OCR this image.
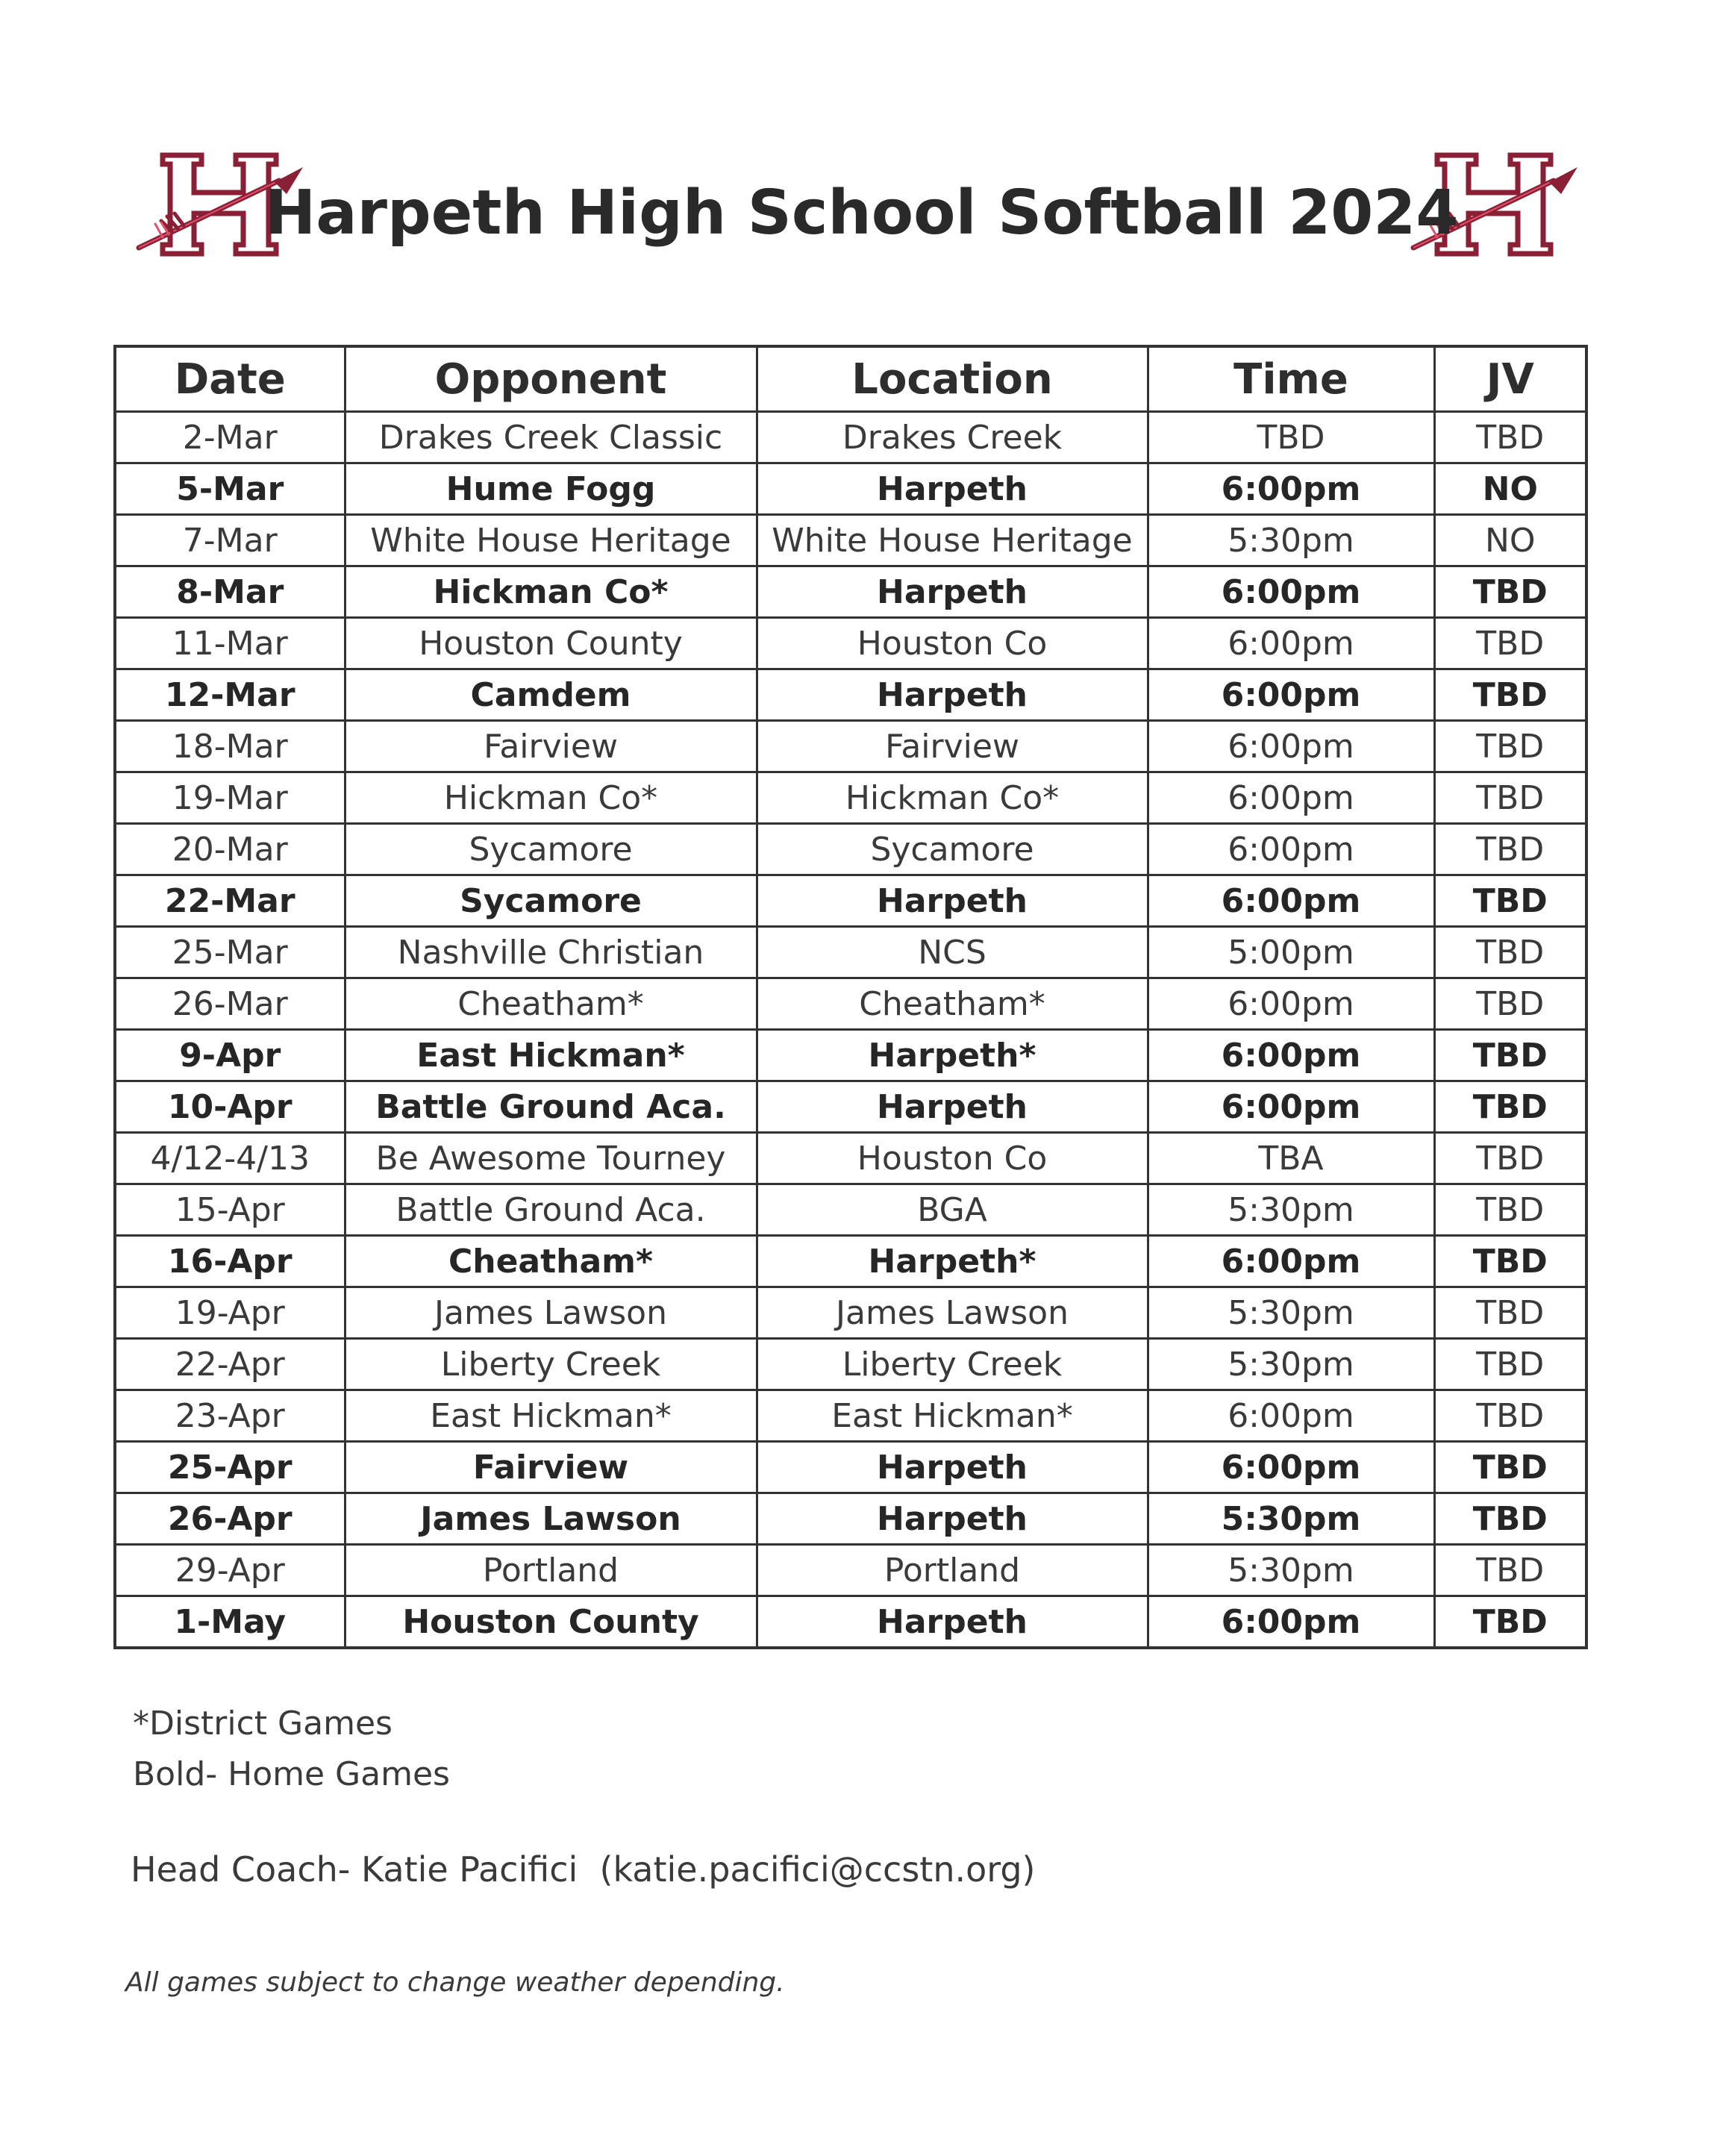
Harpeth High School Softball 2024
Date	Opponent	Location	Time	JV
2-Mar	Drakes Creek Classic	Drakes Creek	TBD	TBD
5-Mar	Hume Fogg	Harpeth	6:00pm	NO
7-Mar	White House Heritage	White House Heritage	5:30pm	NO
8-Mar	Hickman Co*	Harpeth	6:00pm	TBD
11-Mar	Houston County	Houston Co	6:00pm	TBD
12-Mar	Camdem	Harpeth	6:00pm	TBD
18-Mar	Fairview	Fairview	6:00pm	TBD
19-Mar	Hickman Co*	Hickman Co*	6:00pm	TBD
20-Mar	Sycamore	Sycamore	6:00pm	TBD
22-Mar	Sycamore	Harpeth	6:00pm	TBD
25-Mar	Nashville Christian	NCS	5:00pm	TBD
26-Mar	Cheatham*	Cheatham*	6:00pm	TBD
9-Apr	East Hickman*	Harpeth*	6:00pm	TBD
10-Apr	Battle Ground Aca.	Harpeth	6:00pm	TBD
4/12-4/13	Be Awesome Tourney	Houston Co	TBA	TBD
15-Apr	Battle Ground Aca.	BGA	5:30pm	TBD
16-Apr	Cheatham*	Harpeth*	6:00pm	TBD
19-Apr	James Lawson	James Lawson	5:30pm	TBD
22-Apr	Liberty Creek	Liberty Creek	5:30pm	TBD
23-Apr	East Hickman*	East Hickman*	6:00pm	TBD
25-Apr	Fairview	Harpeth	6:00pm	TBD
26-Apr	James Lawson	Harpeth	5:30pm	TBD
29-Apr	Portland	Portland	5:30pm	TBD
1-May	Houston County	Harpeth	6:00pm	TBD
*District Games
Bold- Home Games
Head Coach- Katie Pacifici  (katie.pacifici@ccstn.org)
All games subject to change weather depending.
